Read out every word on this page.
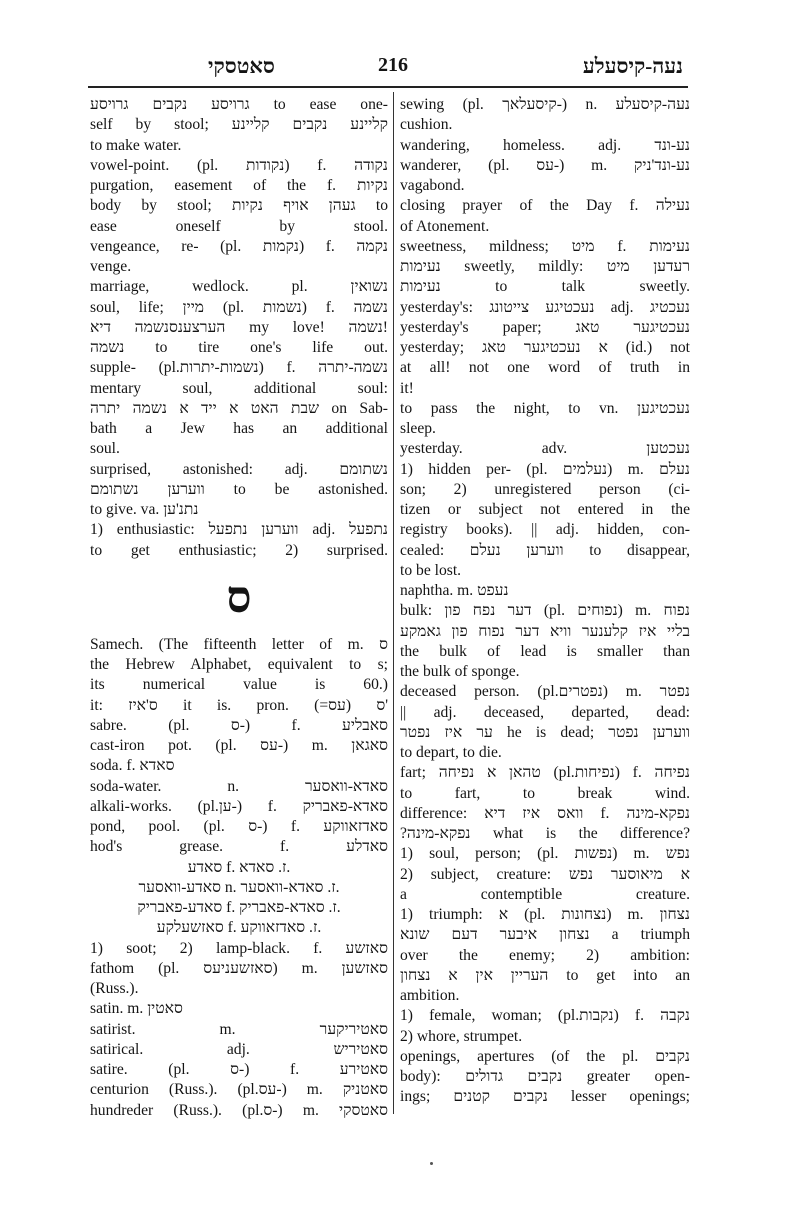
סאטסקי	216	נעה-קיסעלע
גרויסע נקבים גרויסע to ease one-
self by stool; קליינע נקבים קליינע
to make water.
vowel-point. (pl. נקודות) f. נקודה
purgation, easement of the f. נקיות
body by stool; געהן אויף נקיות to
ease oneself by stool.
vengeance, re- (pl. נקמות) f. נקמה
venge.
marriage, wedlock. pl. נשואין
soul, life; מיין (pl. נשמות) f. נשמה
הערצענסנשמה דיא my love! נשמה!
נשמה to tire one's life out.
supple- (pl.נשמות-יתרות) f. נשמה-יתרה
mentary soul, additional soul:
שבת האט א ייד א נשמה יתרה on Sab-
bath a Jew has an additional
soul.
surprised, astonished: adj. נשתומם
ווערען נשתומם to be astonished.
to give. va. נתנ'ען
1) enthusiastic: ווערען נתפעל adj. נתפעל
to get enthusiastic; 2) surprised.
ס
Samech. (The fifteenth letter of m. ס
the Hebrew Alphabet, equivalent to s;
its numerical value is 60.)
it: ס'איז it is. pron. (=עס) ס'
sabre. (pl. ס-) f. סאבליע
cast-iron pot. (pl. עס-) m. סאגאן
soda. f. סאדא
soda-water. n. סאדא-וואסער
alkali-works. (pl.ען-) f. סאדא-פאבריק
pond, pool. (pl. ס-) f. סאדזאווקע
hod's grease. f. סאדלע
סאדע f. ז. סאדא.
סאדע-וואסער n. ז. סאדא-וואסער.
סאדע-פאבריק f. ז. סאדא-פאבריק.
סאזשעלקע f. ז. סאדזאווקע.
1) soot; 2) lamp-black. f. סאזשע
fathom (pl. סאזשעניעס) m. סאזשען
(Russ.).
satin. m. סאטין
satirist. m. סאטיריקער
satirical. adj. סאטיריש
satire. (pl. ס-) f. סאטירע
centurion (Russ.). (pl.עס-) m. סאטניק
hundreder (Russ.). (pl.ס-) m. סאטסקי
sewing (pl. קיסעלאך-) n. נעה-קיסעלע
cushion.
wandering, homeless. adj. נע-ונד
wanderer, (pl. עס-) m. נע-ונד'ניק
vagabond.
closing prayer of the Day f. נעילה
of Atonement.
sweetness, mildness; מיט f. נעימות
נעימות sweetly, mildly: רעדען מיט
נעימות to talk sweetly.
yesterday's: נעכטיגע צייטונג adj. נעכטיג
yesterday's paper; נעכטיגער טאג
yesterday; א נעכטיגער טאג (id.) not
at all! not one word of truth in
it!
to pass the night, to vn. נעכטיגען
sleep.
yesterday. adv. נעכטען
1) hidden per- (pl. נעלמים) m. נעלם
son; 2) unregistered person (ci-
tizen or subject not entered in the
registry books). || adj. hidden, con-
cealed: ווערען נעלם to disappear,
to be lost.
naphtha. m. נעפט
bulk: דער נפח פון (pl. נפוחים) m. נפוח
בליי איז קלענער וויא דער נפוח פון גאמקע
the bulk of lead is smaller than
the bulk of sponge.
deceased person. (pl.נפטרים) m. נפטר
|| adj. deceased, departed, dead:
ער איז נפטר he is dead; ווערען נפטר
to depart, to die.
fart; טהאן א נפיחה (pl.נפיחות) f. נפיחה
to fart, to break wind.
difference: וואס איז דיא f. נפקא-מינה
?נפקא-מינה what is the difference?
1) soul, person; (pl. נפשות) m. נפש
2) subject, creature: א מיאוסער נפש
a contemptible creature.
1) triumph: א (pl. נצחונות) m. נצחון
נצחון איבער דעם שונא a triumph
over the enemy; 2) ambition:
העריין אין א נצחון to get into an
ambition.
1) female, woman; (pl.נקבות) f. נקבה
2) whore, strumpet.
openings, apertures (of the pl. נקבים
body): נקבים גדולים greater open-
ings; נקבים קטנים lesser openings;
